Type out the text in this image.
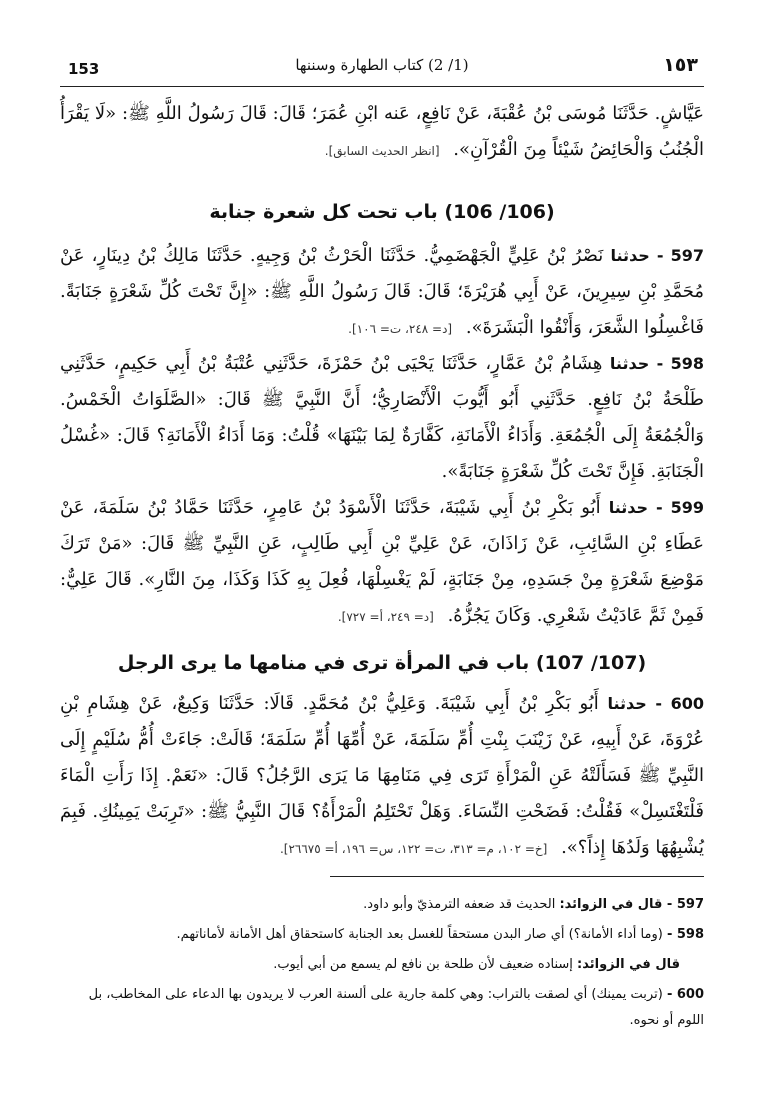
153	(1/ 2) كتاب الطهارة وسننها	١٥٣
عَيَّاشٍ. حَدَّثَنَا مُوسَى بْنُ عُقْبَةَ، عَنْ نَافِعٍ، عَنه ابْنِ عُمَرَ؛ قَالَ: قَالَ رَسُولُ اللَّهِ ﷺ: «لَا يَقْرَأُ الْجُنُبُ وَالْحَائِضُ شَيْئاً مِنَ الْقُرْآنِ». [انظر الحديث السابق].
(106/ 106) باب تحت كل شعرة جنابة
597 - حدثنا نَصْرُ بْنُ عَلِيٍّ الْجَهْضَمِيُّ. حَدَّثَنَا الْحَرْثُ بْنُ وَجِيهٍ. حَدَّثَنَا مَالِكُ بْنُ دِينَارٍ، عَنْ مُحَمَّدِ بْنِ سِيرِينَ، عَنْ أَبِي هُرَيْرَةَ؛ قَالَ: قَالَ رَسُولُ اللَّهِ ﷺ: «إِنَّ تَحْتَ كُلِّ شَعْرَةٍ جَنَابَةً. فَاغْسِلُوا الشَّعَرَ، وَأَنْقُوا الْبَشَرَةَ». [د= ٢٤٨، ت= ١٠٦].
598 - حدثنا هِشَامُ بْنُ عَمَّارٍ، حَدَّثَنَا يَحْيَى بْنُ حَمْزَةَ، حَدَّثَنِي عُتْبَةُ بْنُ أَبِي حَكِيمٍ، حَدَّثَنِي طَلْحَةُ بْنُ نَافِعٍ. حَدَّثَنِي أَبُو أَيُّوبَ الْأَنْصَارِيُّ؛ أَنَّ النَّبِيَّ ﷺ قَالَ: «الصَّلَوَاتُ الْخَمْسُ. وَالْجُمُعَةُ إِلَى الْجُمُعَةِ. وَأَدَاءُ الْأَمَانَةِ، كَفَّارَةٌ لِمَا بَيْنَهَا» قُلْتُ: وَمَا أَدَاءُ الْأَمَانَةِ؟ قَالَ: «غُسْلُ الْجَنَابَةِ. فَإِنَّ تَحْتَ كُلِّ شَعْرَةٍ جَنَابَةً».
599 - حدثنا أَبُو بَكْرِ بْنُ أَبِي شَيْبَةَ، حَدَّثَنَا الْأَسْوَدُ بْنُ عَامِرٍ، حَدَّثَنَا حَمَّادُ بْنُ سَلَمَةَ، عَنْ عَطَاءِ بْنِ السَّائِبِ، عَنْ زَاذَانَ، عَنْ عَلِيِّ بْنِ أَبِي طَالِبٍ، عَنِ النَّبِيِّ ﷺ قَالَ: «مَنْ تَرَكَ مَوْضِعَ شَعْرَةٍ مِنْ جَسَدِهِ، مِنْ جَنَابَةٍ، لَمْ يَغْسِلْهَا، فُعِلَ بِهِ كَذَا وَكَذَا، مِنَ النَّارِ». قَالَ عَلِيٌّ: فَمِنْ ثَمَّ عَادَيْتُ شَعْرِي. وَكَانَ يَجُزُّهُ. [د= ٢٤٩، أ= ٧٢٧].
(107/ 107) باب في المرأة ترى في منامها ما يرى الرجل
600 - حدثنا أَبُو بَكْرِ بْنُ أَبِي شَيْبَةَ. وَعَلِيُّ بْنُ مُحَمَّدٍ. قَالَا: حَدَّثَنَا وَكِيعٌ، عَنْ هِشَامِ بْنِ عُرْوَةَ، عَنْ أَبِيهِ، عَنْ زَيْنَبَ بِنْتِ أُمِّ سَلَمَةَ، عَنْ أُمِّهَا أُمِّ سَلَمَةَ؛ قَالَتْ: جَاءَتْ أُمُّ سُلَيْمٍ إِلَى النَّبِيِّ ﷺ فَسَأَلَتْهُ عَنِ الْمَرْأَةِ تَرَى فِي مَنَامِهَا مَا يَرَى الرَّجُلُ؟ قَالَ: «نَعَمْ. إِذَا رَأَتِ الْمَاءَ فَلْتَغْتَسِلْ» فَقُلْتُ: فَضَحْتِ النِّسَاءَ. وَهَلْ تَحْتَلِمُ الْمَرْأَةُ؟ قَالَ النَّبِيُّ ﷺ: «تَرِبَتْ يَمِينُكِ. فَبِمَ يُشْبِهُهَا وَلَدُهَا إِذاً؟». [خ= ١٠٢، م= ٣١٣، ت= ١٢٢، س= ١٩٦، أ= ٢٦٦٧٥].
597 - قال في الزوائد: الحديث قد ضعفه الترمذيّ وأبو داود.
598 - (وما أداء الأمانة؟) أي صار البدن مستحقاً للغسل بعد الجنابة كاستحقاق أهل الأمانة لأماناتهم.
قال في الزوائد: إسناده ضعيف لأن طلحة بن نافع لم يسمع من أبي أيوب.
600 - (تربت يمينك) أي لصقت بالتراب: وهي كلمة جارية على ألسنة العرب لا يريدون بها الدعاء على المخاطب، بل اللوم أو نحوه.
